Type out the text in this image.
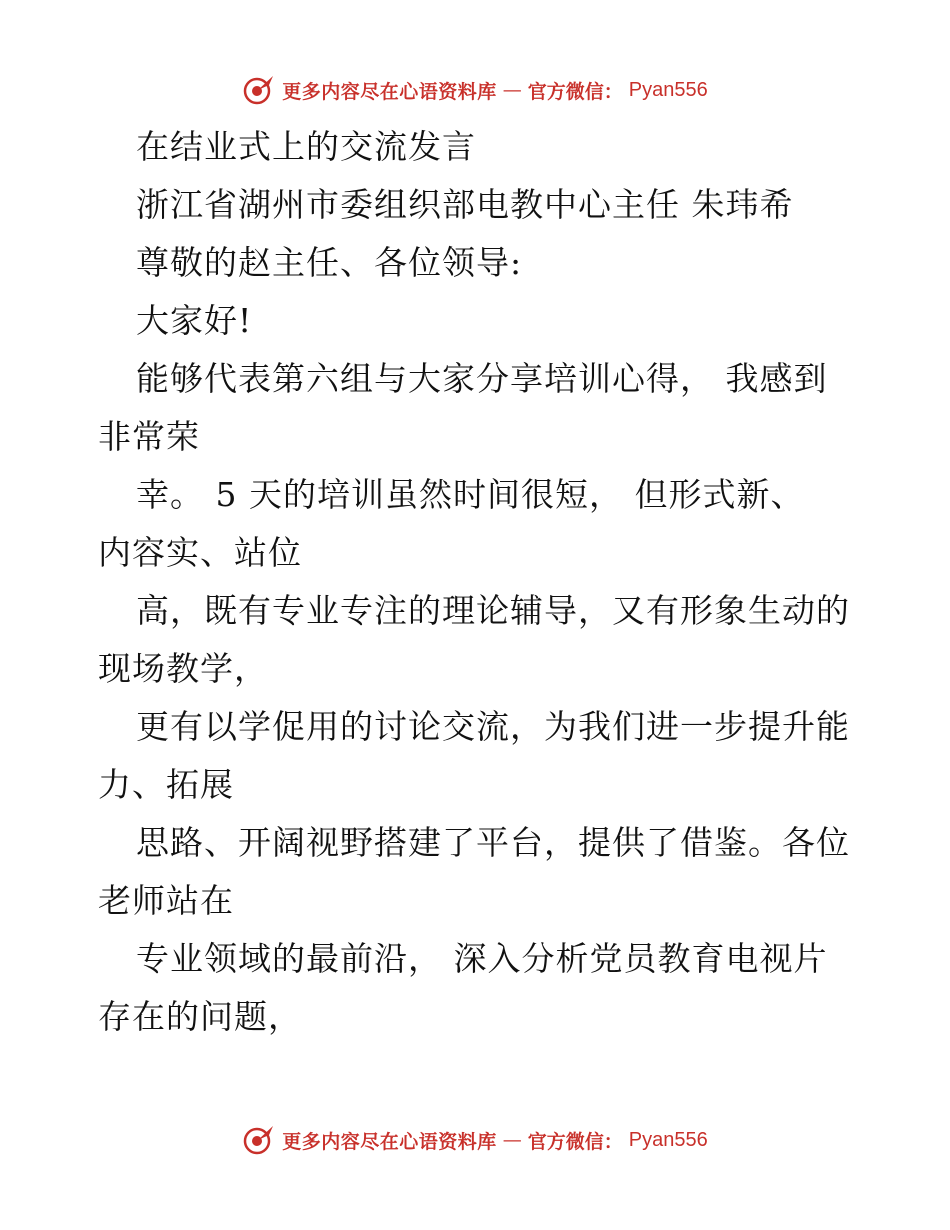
更多内容尽在心语资料库 — 官方微信： Pyan556
在结业式上的交流发言
浙江省湖州市委组织部电教中心主任 朱玮希
尊敬的赵主任、各位领导:
大家好!
能够代表第六组与大家分享培训心得， 我感到
非常荣
幸。 5 天的培训虽然时间很短， 但形式新、
内容实、站位
高，既有专业专注的理论辅导，又有形象生动的
现场教学，
更有以学促用的讨论交流，为我们进一步提升能
力、拓展
思路、开阔视野搭建了平台，提供了借鉴。各位
老师站在
专业领域的最前沿， 深入分析党员教育电视片
存在的问题，
更多内容尽在心语资料库 — 官方微信： Pyan556
